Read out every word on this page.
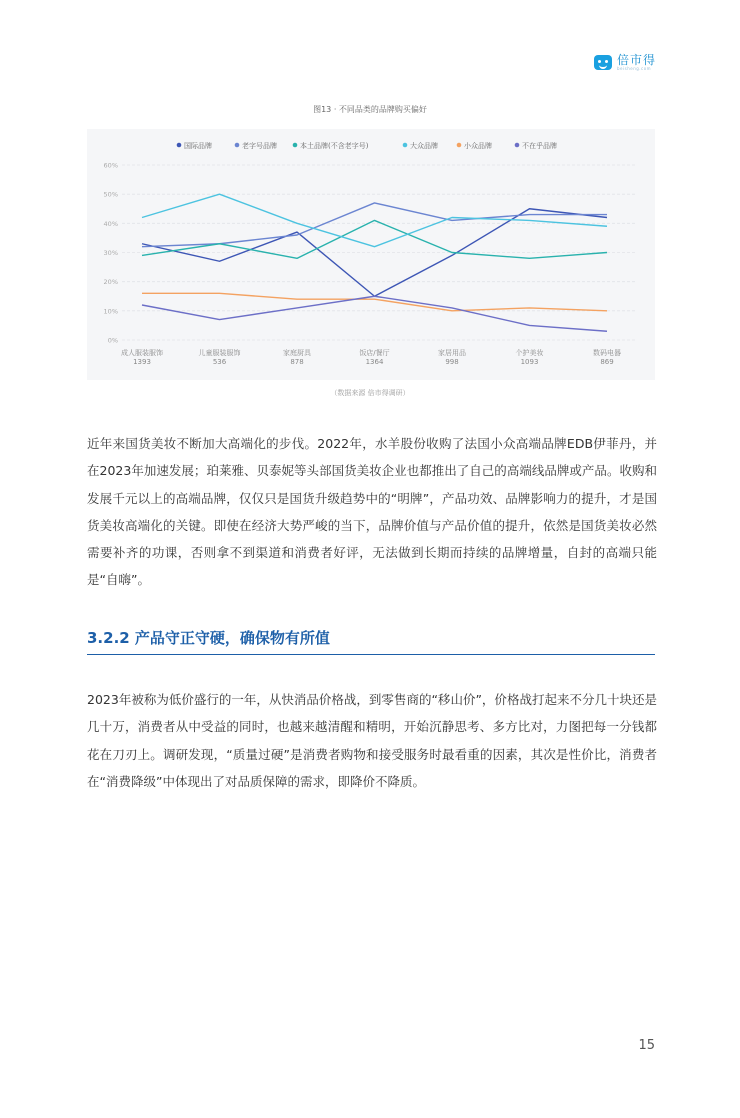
倍市得
beisheng.com
图13 · 不同品类的品牌购买偏好
国际品牌	老字号品牌	本土品牌(不含老字号)	大众品牌	小众品牌	不在乎品牌
0%
10%
20%
30%
40%
50%
60%
成人服装服饰
1393
儿童服装服饰
536
家庭厨具
878
饭店/餐厅
1364
家居用品
998
个护美妆
1093
数码电器
869
（数据来源 倍市得调研）
近年来国货美妆不断加大高端化的步伐。2022年，水羊股份收购了法国小众高端品牌EDB伊菲丹，并在2023年加速发展；珀莱雅、贝泰妮等头部国货美妆企业也都推出了自己的高端线品牌或产品。收购和发展千元以上的高端品牌，仅仅只是国货升级趋势中的“明牌”，产品功效、品牌影响力的提升，才是国货美妆高端化的关键。即使在经济大势严峻的当下，品牌价值与产品价值的提升，依然是国货美妆必然需要补齐的功课，否则拿不到渠道和消费者好评，无法做到长期而持续的品牌增量，自封的高端只能是“自嗨”。
3.2.2 产品守正守硬，确保物有所值
2023年被称为低价盛行的一年，从快消品价格战，到零售商的“移山价”，价格战打起来不分几十块还是几十万，消费者从中受益的同时，也越来越清醒和精明，开始沉静思考、多方比对，力图把每一分钱都花在刀刃上。调研发现，“质量过硬”是消费者购物和接受服务时最看重的因素，其次是性价比，消费者在“消费降级”中体现出了对品质保障的需求，即降价不降质。
15
